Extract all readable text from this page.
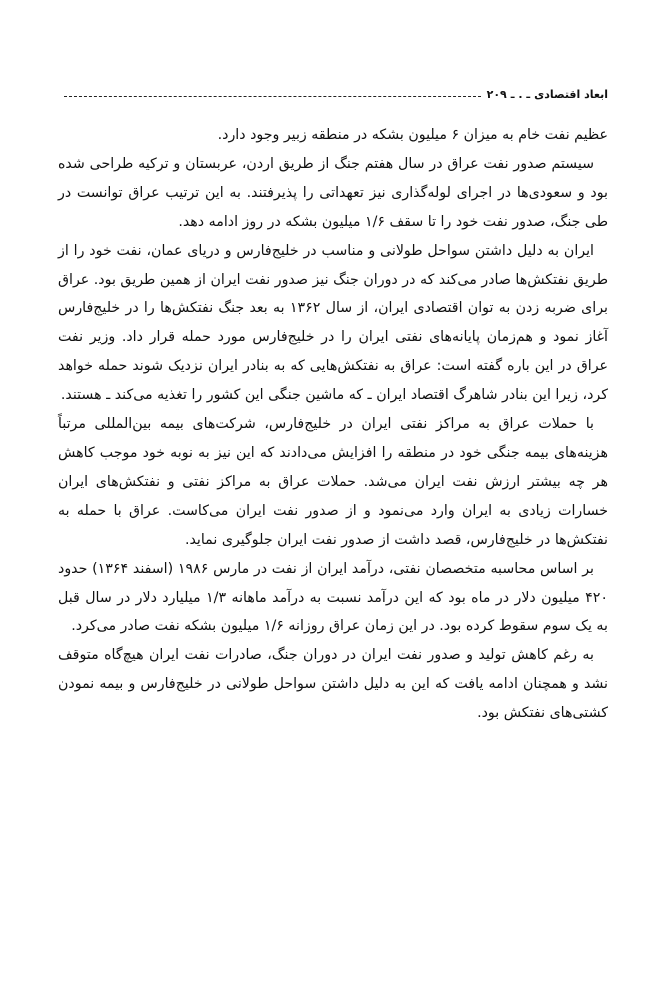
ابعاد اقتصادی
ـ . ـ
۲۰۹

عظیم نفت خام به میزان ۶ میلیون بشکه در منطقه زبیر وجود دارد.

سیستم صدور نفت عراق در سال هفتم جنگ از طریق اردن، عربستان و ترکیه طراحی شده بود و سعودی‌ها در اجرای لوله‌گذاری نیز تعهداتی را پذیرفتند. به این ترتیب عراق توانست در طی جنگ، صدور نفت خود را تا سقف ۱/۶ میلیون بشکه در روز ادامه دهد.

ایران به دلیل داشتن سواحل طولانی و مناسب در خلیج‌فارس و دریای عمان، نفت خود را از طریق نفتکش‌ها صادر می‌کند که در دوران جنگ نیز صدور نفت ایران از همین طریق بود. عراق برای ضربه زدن به توان اقتصادی ایران، از سال ۱۳۶۲ به بعد جنگ نفتکش‌ها را در خلیج‌فارس آغاز نمود و هم‌زمان پایانه‌های نفتی ایران را در خلیج‌فارس مورد حمله قرار داد. وزیر نفت عراق در این باره گفته است: عراق به نفتکش‌هایی که به بنادر ایران نزدیک شوند حمله خواهد کرد، زیرا این بنادر شاهرگ اقتصاد ایران ـ که ماشین جنگی این کشور را تغذیه می‌کند ـ هستند.

با حملات عراق به مراکز نفتی ایران در خلیج‌فارس، شرکت‌های بیمه بین‌المللی مرتباً هزینه‌های بیمه جنگی خود در منطقه را افزایش می‌دادند که این نیز به نوبه خود موجب کاهش هر چه بیشتر ارزش نفت ایران می‌شد. حملات عراق به مراکز نفتی و نفتکش‌های ایران خسارات زیادی به ایران وارد می‌نمود و از صدور نفت ایران می‌کاست. عراق با حمله به نفتکش‌ها در خلیج‌فارس، قصد داشت از صدور نفت ایران جلوگیری نماید.

بر اساس محاسبه متخصصان نفتی، درآمد ایران از نفت در مارس ۱۹۸۶ (اسفند ۱۳۶۴) حدود ۴۲۰ میلیون دلار در ماه بود که این درآمد نسبت به درآمد ماهانه ۱/۳ میلیارد دلار در سال قبل به یک سوم سقوط کرده بود. در این زمان عراق روزانه ۱/۶ میلیون بشکه نفت صادر می‌کرد.

به رغم کاهش تولید و صدور نفت ایران در دوران جنگ، صادرات نفت ایران هیچ‌گاه متوقف نشد و همچنان ادامه یافت که این به دلیل داشتن سواحل طولانی در خلیج‌فارس و بیمه نمودن کشتی‌های نفتکش بود.
